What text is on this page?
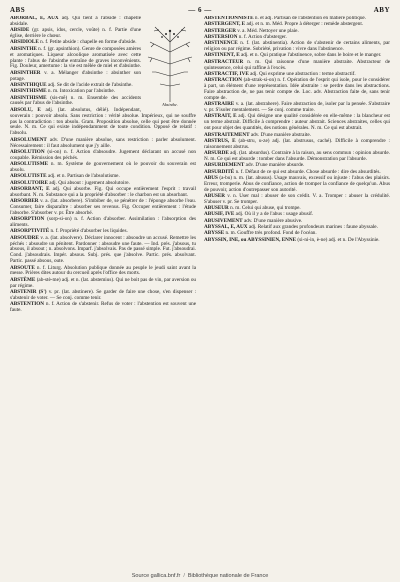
ABS	— 6 —	ABY
Absinthe.

ABORBAL, E, AUX adj. Qui tient à l'abside : chapelle absidale.

ABSIDE (gr. apsis, idos, cercle, voûte) n. f. Partie d'une église, derrière le chœur.

ABSIDIOLE n. f. Petite abside : chapelle en forme d'abside.

ABSINTHE n. f. (gr. apsinthion). Genre de composées amères et aromatiques. Liqueur alcoolique aromatisée avec cette plante : l'abus de l'absinthe entraîne de graves inconvénients. Fig. Douleur, amertume : la vie est mêlée de miel et d'absinthe.

ABSINTHER v. a. Mélanger d'absinthe : absinther son potage.

ABSINTHIQUE adj. Se dit de l'acide extrait de l'absinthe.

ABSINTHISME n. m. Intoxication par l'absinthe.

ABSINTHISME (sis-mê) n. m. Ensemble des accidents causés par l'abus de l'absinthe.

ABSOLU, E adj. (lat. absolutus, délié). Indépendant, souverain : pouvoir absolu. Sans restriction : vérité absolue. Impérieux, qui ne souffre pas la contradiction : ton absolu. Gram. Proposition absolue, celle qui peut être donnée seule. N. m. Ce qui existe indépendamment de toute condition. Opposé de relatif : l'absolu.

ABSOLUMENT adv. D'une manière absolue, sans restriction : parler absolument. Nécessairement : il faut absolument que j'y aille.

ABSOLUTION (si-on) n. f. Action d'absoudre. Jugement déclarant un accusé non coupable. Rémission des péchés.

ABSOLUTISME n. m. Système de gouvernement où le pouvoir du souverain est absolu.

ABSOLUTISTE adj. et n. Partisan de l'absolutisme.

ABSOLUTOIRE adj. Qui absout : jugement absolutoire.

ABSORBANT, E adj. Qui absorbe. Fig. Qui occupe entièrement l'esprit : travail absorbant. N. m. Substance qui a la propriété d'absorber : le charbon est un absorbant.

ABSORBER v. a. (lat. absorbere). S'imbiber de, se pénétrer de : l'éponge absorbe l'eau. Consumer, faire disparaître : absorber ses revenus. Fig. Occuper entièrement : l'étude l'absorbe. S'absorber v. pr. Être absorbé.

ABSORPTION (sorp-si-on) n. f. Action d'absorber. Assimilation : l'absorption des aliments.

ABSORPTIVITÉ n. f. Propriété d'absorber les liquides.

ABSOUDRE v. a. (lat. absolvere). Déclarer innocent : absoudre un accusé. Remettre les péchés : absoudre un pénitent. Pardonner : absoudre une faute. — Ind. prés. j'absous, tu absous, il absout ; n. absolvons. Imparf. j'absolvais. Pas de passé simple. Fut. j'absoudrai. Cond. j'absoudrais. Impér. absous. Subj. prés. que j'absolve. Partic. prés. absolvant. Partic. passé absous, oute.

ABSOUTE n. f. Liturg. Absolution publique donnée au peuple le jeudi saint avant la messe. Prières dites autour du cercueil après l'office des morts.

ABSTÈME (ab-stè-me) adj. et n. (lat. abstemius). Qui ne boit pas de vin, par aversion ou par régime.

ABSTENIR (S') v. pr. (lat. abstinere). Se garder de faire une chose, s'en dispenser : s'abstenir de voter. — Se conj. comme tenir.

ABSTENTION n. f. Action de s'abstenir. Refus de voter : l'abstention est souvent une faute.

ABSTENTIONNISTE n. et adj. Partisan de l'abstention en matière politique.

ABSTERGENT, E adj. et n. m. Méd. Propre à déterger : remède abstergent.

ABSTERGER v. a. Méd. Nettoyer une plaie.

ABSTERSION n. f. Action d'absterger.

ABSTINENCE n. f. (lat. abstinentia). Action de s'abstenir de certains aliments, par religion ou par régime. Sobriété, privation : vivre dans l'abstinence.

ABSTINENT, E adj. et n. Qui pratique l'abstinence, sobre dans le boire et le manger.

ABSTRACTEUR n. m. Qui raisonne d'une manière abstraite. Abstracteur de quintessence, celui qui raffine à l'excès.

ABSTRACTIF, IVE adj. Qui exprime une abstraction : terme abstractif.

ABSTRACTION (ab-strak-si-on) n. f. Opération de l'esprit qui isole, pour le considérer à part, un élément d'une représentation. Idée abstraite : se perdre dans les abstractions. Faire abstraction de, ne pas tenir compte de. Loc. adv. Abstraction faite de, sans tenir compte de.

ABSTRAIRE v. a. (lat. abstrahere). Faire abstraction de, isoler par la pensée. S'abstraire v. pr. S'isoler mentalement. — Se conj. comme traire.

ABSTRAIT, E adj. Qui désigne une qualité considérée en elle-même : la blancheur est un terme abstrait. Difficile à comprendre : auteur abstrait. Sciences abstraites, celles qui ont pour objet des quantités, des notions générales. N. m. Ce qui est abstrait.

ABSTRAITEMENT adv. D'une manière abstraite.

ABSTRUS, E (ab-stru, u-ze) adj. (lat. abstrusus, caché). Difficile à comprendre : raisonnement abstrus.

ABSURDE adj. (lat. absurdus). Contraire à la raison, au sens commun : opinion absurde. N. m. Ce qui est absurde : tomber dans l'absurde. Démonstration par l'absurde.

ABSURDEMENT adv. D'une manière absurde.

ABSURDITÉ n. f. Défaut de ce qui est absurde. Chose absurde : dire des absurdités.

ABUS (a-bu) n. m. (lat. abusus). Usage mauvais, excessif ou injuste : l'abus des plaisirs. Erreur, tromperie. Abus de confiance, action de tromper la confiance de quelqu'un. Abus de pouvoir, action d'outrepasser son autorité.

ABUSER v. n. User mal : abuser de son crédit. V. a. Tromper : abuser la crédulité. S'abuser v. pr. Se tromper.

ABUSEUR n. m. Celui qui abuse, qui trompe.

ABUSIF, IVE adj. Où il y a de l'abus : usage abusif.

ABUSIVEMENT adv. D'une manière abusive.

ABYSSAL, E, AUX adj. Relatif aux grandes profondeurs marines : faune abyssale.

ABYSSE n. m. Gouffre très profond. Fond de l'océan.

ABYSSIN, INE, ou ABYSSINIEN, ENNE (si-ni-in, è-ne) adj. et n. De l'Abyssinie.

Source gallica.bnf.fr / Bibliothèque nationale de France
